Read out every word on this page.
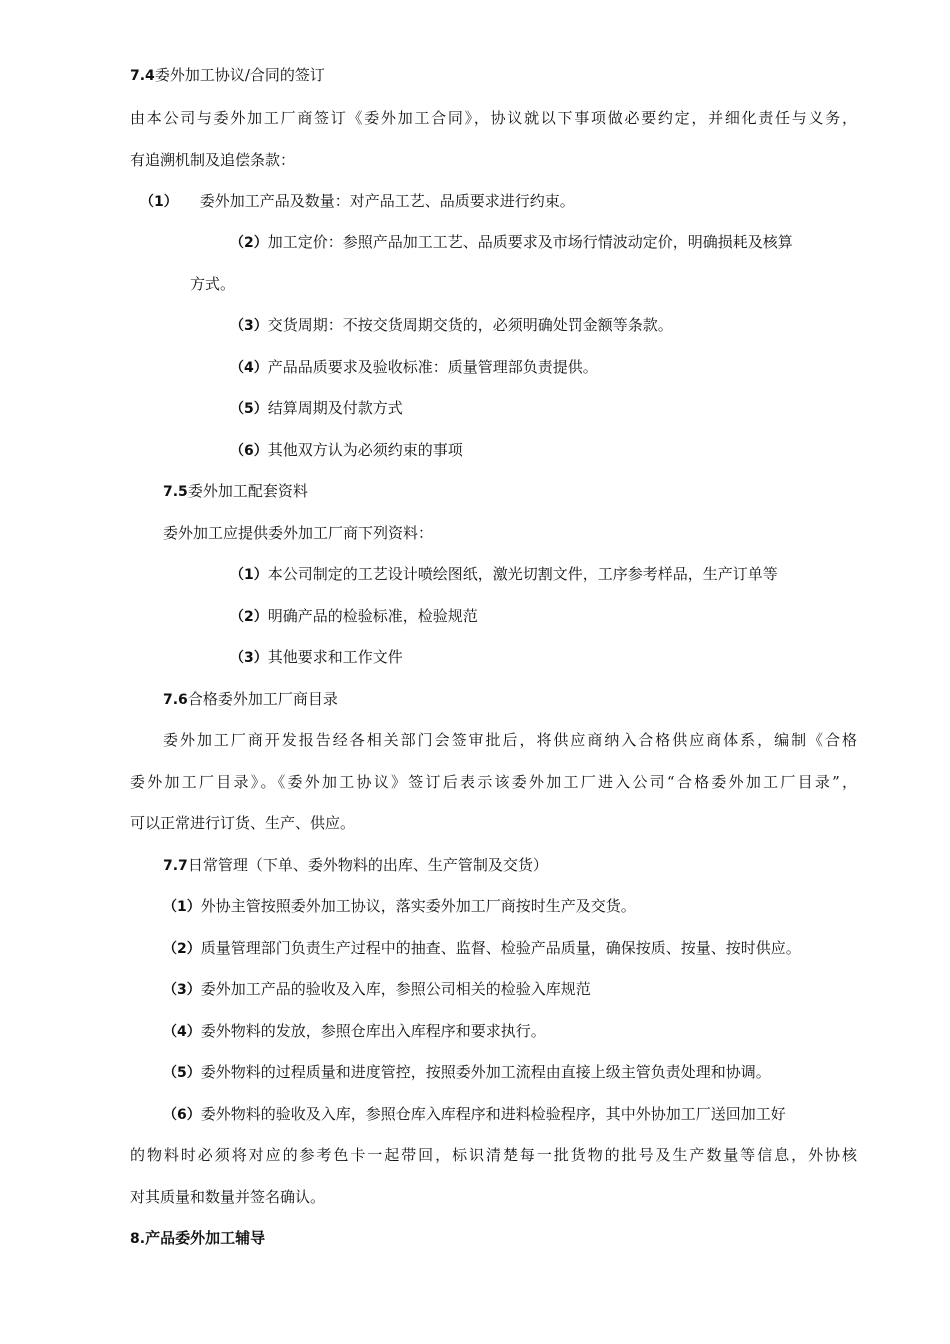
7.4委外加工协议/合同的签订
由本公司与委外加工厂商签订《委外加工合同》，协议就以下事项做必要约定，并细化责任与义务，
有追溯机制及追偿条款：
（1） 委外加工产品及数量：对产品工艺、品质要求进行约束。
（2）加工定价：参照产品加工工艺、品质要求及市场行情波动定价，明确损耗及核算
方式。
（3）交货周期：不按交货周期交货的，必须明确处罚金额等条款。
（4）产品品质要求及验收标准：质量管理部负责提供。
（5）结算周期及付款方式
（6）其他双方认为必须约束的事项
7.5委外加工配套资料
委外加工应提供委外加工厂商下列资料：
（1）本公司制定的工艺设计喷绘图纸，激光切割文件，工序参考样品，生产订单等
（2）明确产品的检验标准，检验规范
（3）其他要求和工作文件
7.6合格委外加工厂商目录
委外加工厂商开发报告经各相关部门会签审批后，将供应商纳入合格供应商体系，编制《合格
委外加工厂目录》。《委外加工协议》签订后表示该委外加工厂进入公司“合格委外加工厂目录”，
可以正常进行订货、生产、供应。
7.7日常管理（下单、委外物料的出库、生产管制及交货）
（1）外协主管按照委外加工协议，落实委外加工厂商按时生产及交货。
（2）质量管理部门负责生产过程中的抽查、监督、检验产品质量，确保按质、按量、按时供应。
（3）委外加工产品的验收及入库，参照公司相关的检验入库规范
（4）委外物料的发放，参照仓库出入库程序和要求执行。
（5）委外物料的过程质量和进度管控，按照委外加工流程由直接上级主管负责处理和协调。
（6）委外物料的验收及入库，参照仓库入库程序和进料检验程序，其中外协加工厂送回加工好
的物料时必须将对应的参考色卡一起带回，标识清楚每一批货物的批号及生产数量等信息，外协核
对其质量和数量并签名确认。
8.产品委外加工辅导
